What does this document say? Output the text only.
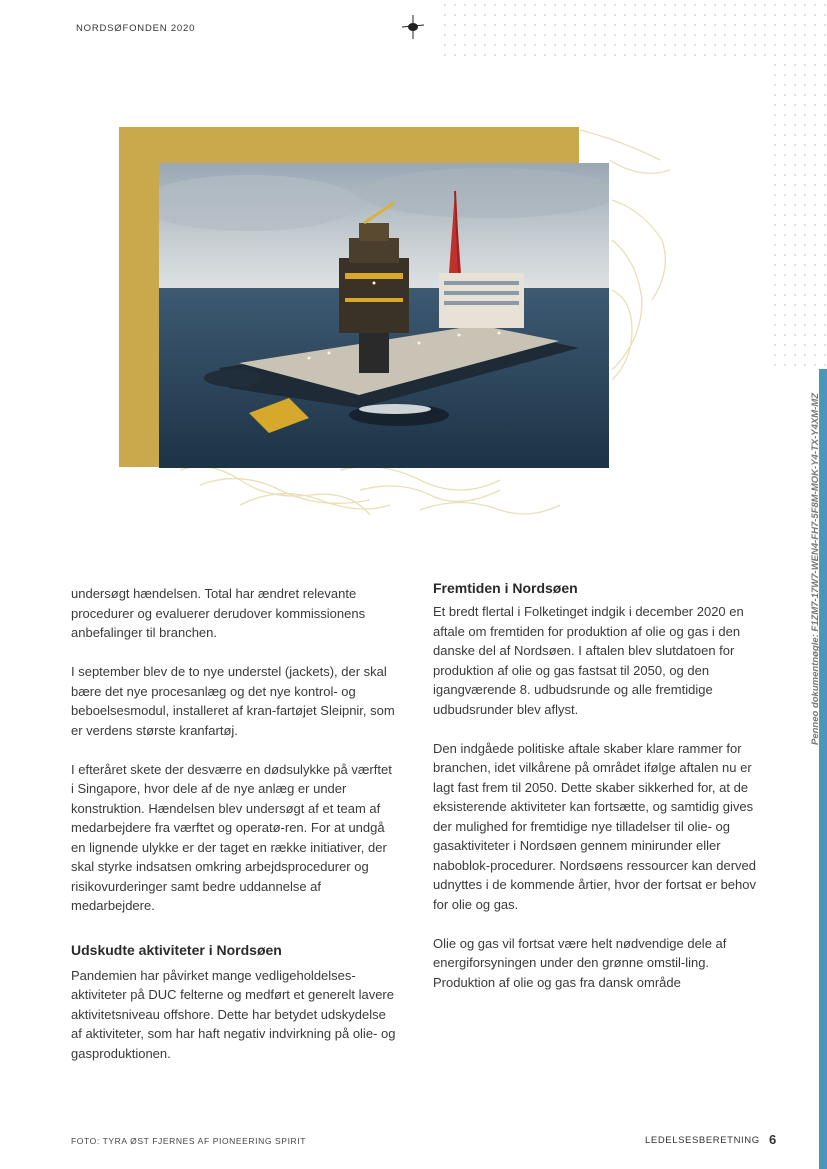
NORDSØFONDEN 2020
Penneo dokumentnøgle: F1ZM7-17W7-WEN4-FH7-5F8M-MOK-Y4-TX-Y4XM-MZ

undersøgt hændelsen. Total har ændret relevante procedurer og evaluerer derudover kommissionens anbefalinger til branchen.

I september blev de to nye understel (jackets), der skal bære det nye procesanlæg og det nye kontrol- og beboelsesmodul, installeret af kran-fartøjet Sleipnir, som er verdens største kranfartøj.

I efteråret skete der desværre en dødsulykke på værftet i Singapore, hvor dele af de nye anlæg er under konstruktion. Hændelsen blev undersøgt af et team af medarbejdere fra værftet og operatø-ren. For at undgå en lignende ulykke er der taget en række initiativer, der skal styrke indsatsen omkring arbejdsprocedurer og risikovurderinger samt bedre uddannelse af medarbejdere.

Udskudte aktiviteter i Nordsøen

Pandemien har påvirket mange vedligeholdelses-aktiviteter på DUC felterne og medført et generelt lavere aktivitetsniveau offshore. Dette har betydet udskydelse af aktiviteter, som har haft negativ indvirkning på olie- og gasproduktionen.

Fremtiden i Nordsøen

Et bredt flertal i Folketinget indgik i december 2020 en aftale om fremtiden for produktion af olie og gas i den danske del af Nordsøen. I aftalen blev slutdatoen for produktion af olie og gas fastsat til 2050, og den igangværende 8. udbudsrunde og alle fremtidige udbudsrunder blev aflyst.

Den indgåede politiske aftale skaber klare rammer for branchen, idet vilkårene på området ifølge aftalen nu er lagt fast frem til 2050. Dette skaber sikkerhed for, at de eksisterende aktiviteter kan fortsætte, og samtidig gives der mulighed for fremtidige nye tilladelser til olie- og gasaktiviteter i Nordsøen gennem minirunder eller naboblok-procedurer. Nordsøens ressourcer kan derved udnyttes i de kommende årtier, hvor der fortsat er behov for olie og gas.

Olie og gas vil fortsat være helt nødvendige dele af energiforsyningen under den grønne omstil-ling. Produktion af olie og gas fra dansk område

FOTO: TYRA ØST FJERNES AF PIONEERING SPIRIT	LEDELSESBERETNING 6
